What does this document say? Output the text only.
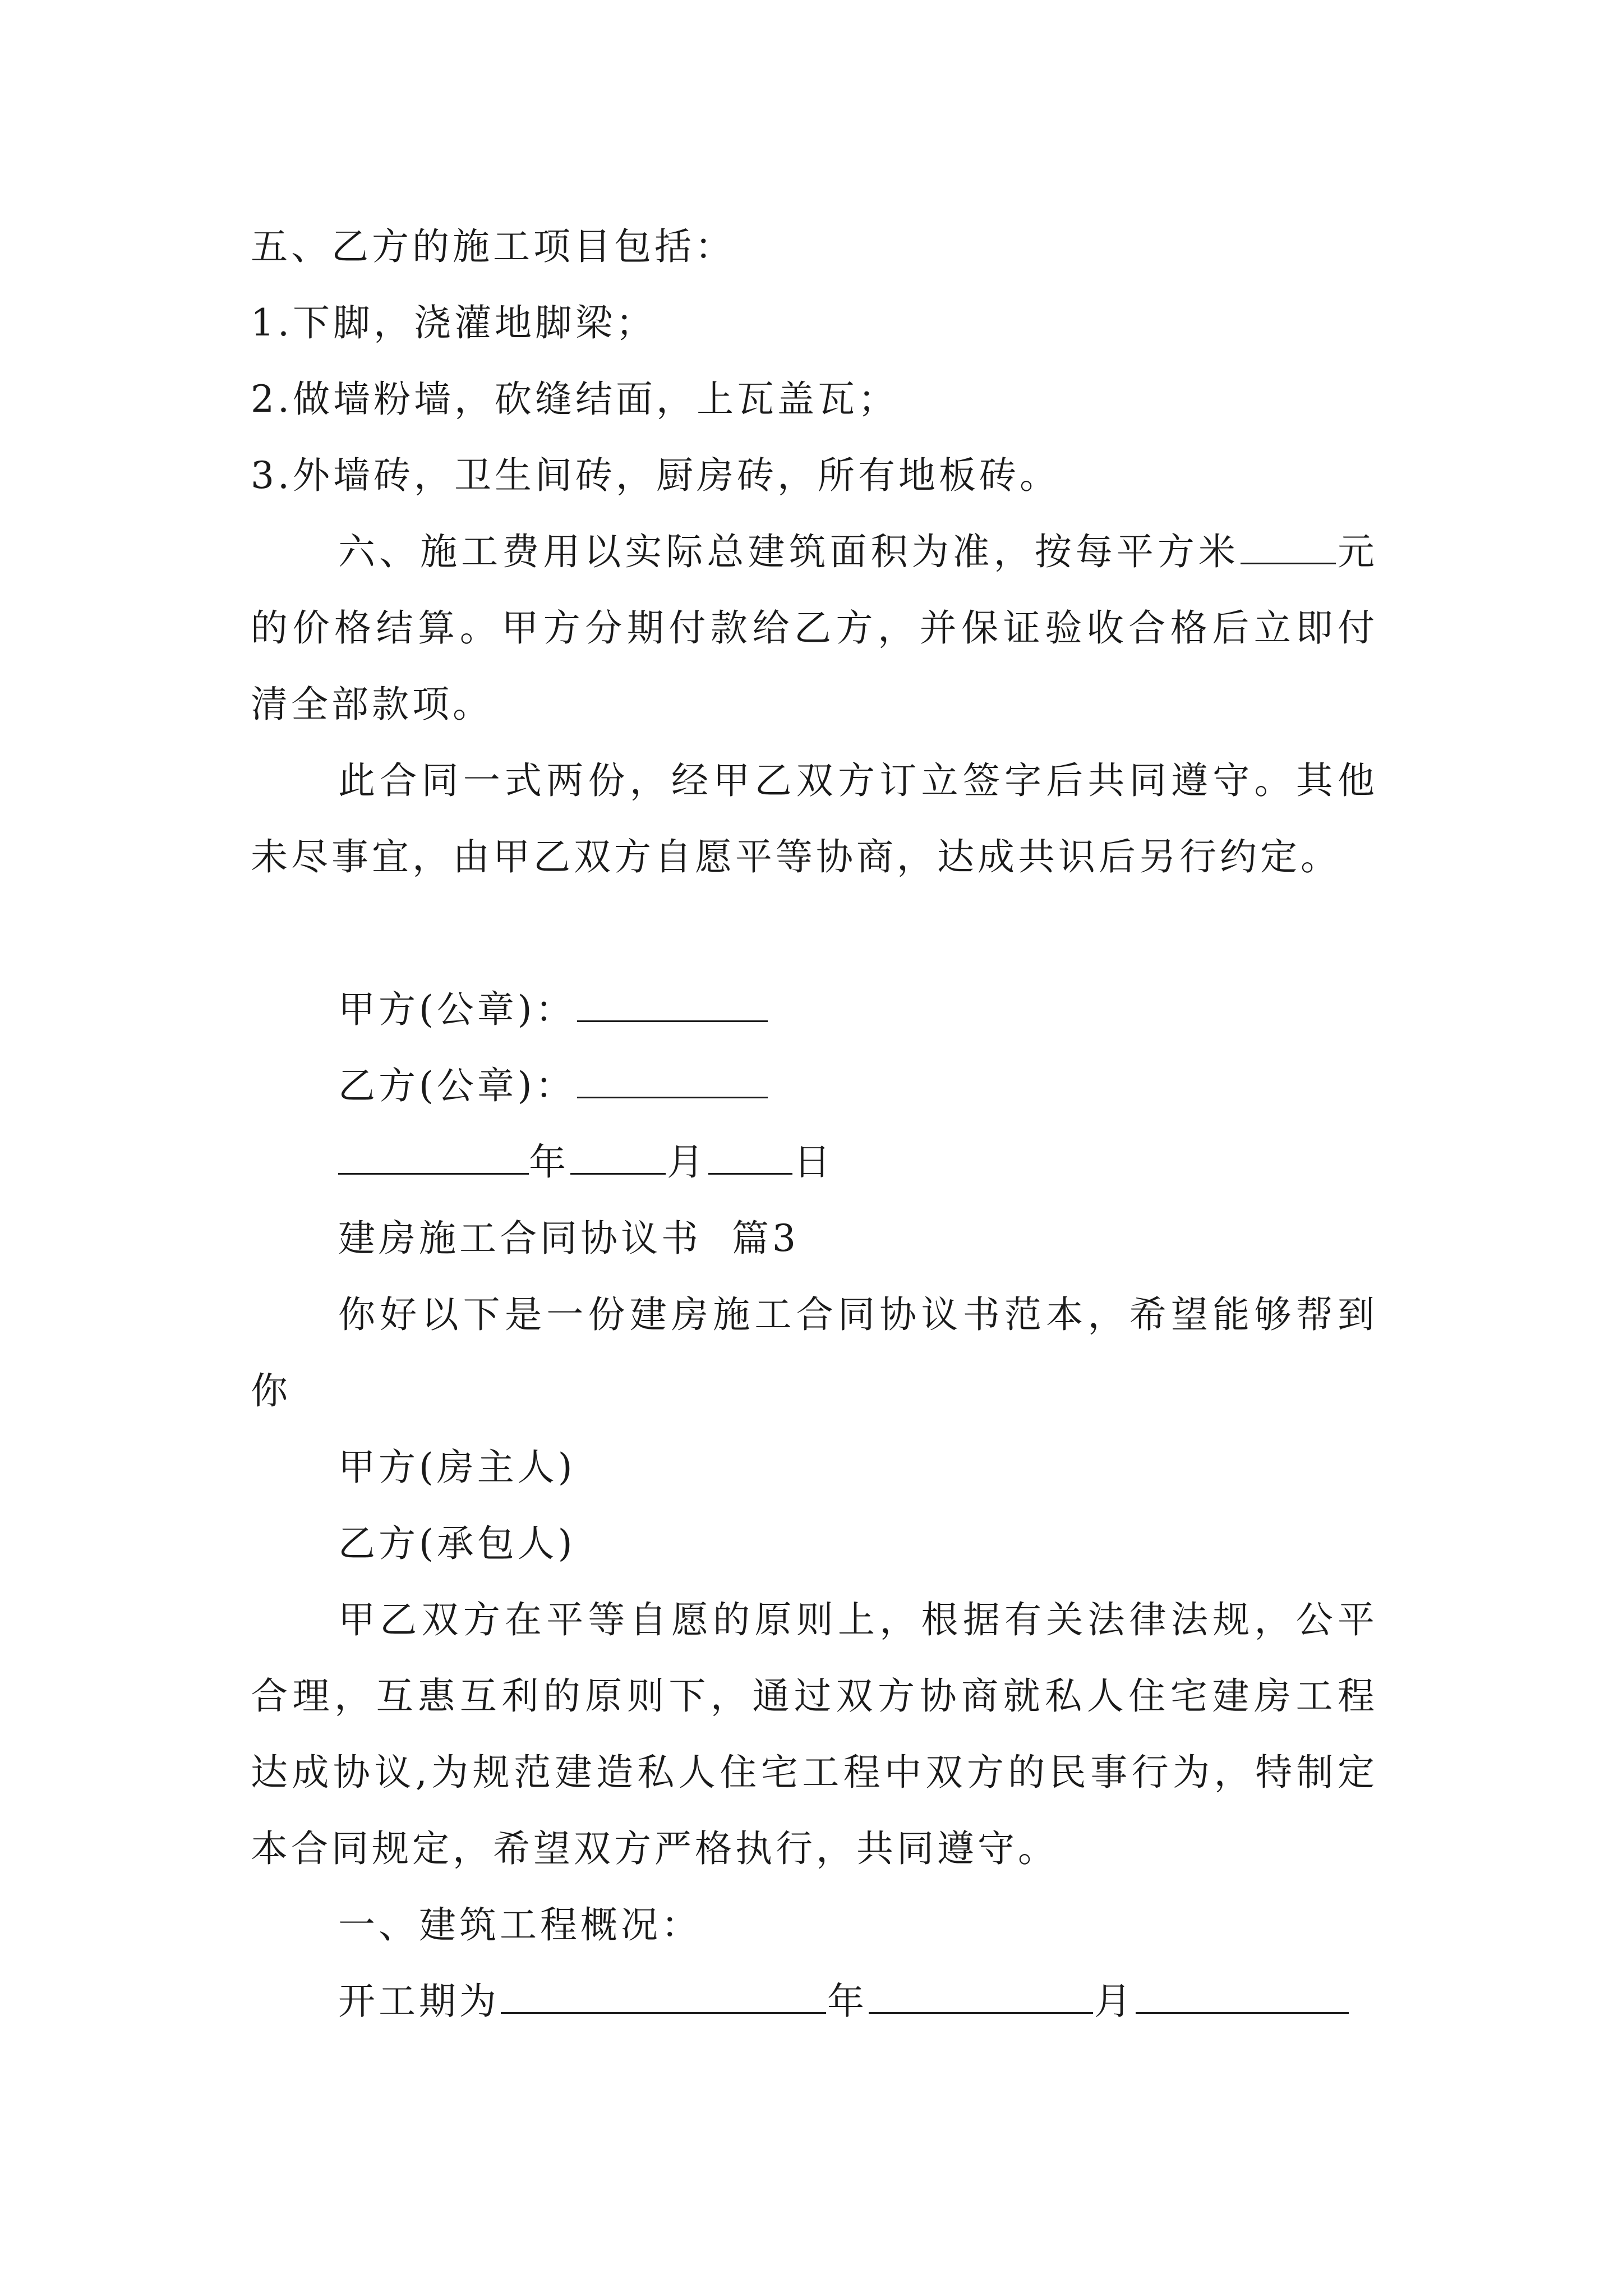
五、乙方的施工项目包括：
1.下脚，浇灌地脚梁；
2.做墙粉墙，砍缝结面，上瓦盖瓦；
3.外墙砖，卫生间砖，厨房砖，所有地板砖。
六、施工费用以实际总建筑面积为准，按每平方米	元的价格结算。甲方分期付款给乙方，并保证验收合格后立即付清全部款项。
此合同一式两份，经甲乙双方订立签字后共同遵守。其他未尽事宜，由甲乙双方自愿平等协商，达成共识后另行约定。
甲方(公章)：
乙方(公章)：
年	月 日
建房施工合同协议书  篇3
你好以下是一份建房施工合同协议书范本，希望能够帮到你
甲方(房主人)
乙方(承包人)
甲乙双方在平等自愿的原则上，根据有关法律法规，公平合理，互惠互利的原则下，通过双方协商就私人住宅建房工程达成协议,为规范建造私人住宅工程中双方的民事行为，特制定本合同规定，希望双方严格执行，共同遵守。
一、建筑工程概况：
开工期为	年	月
